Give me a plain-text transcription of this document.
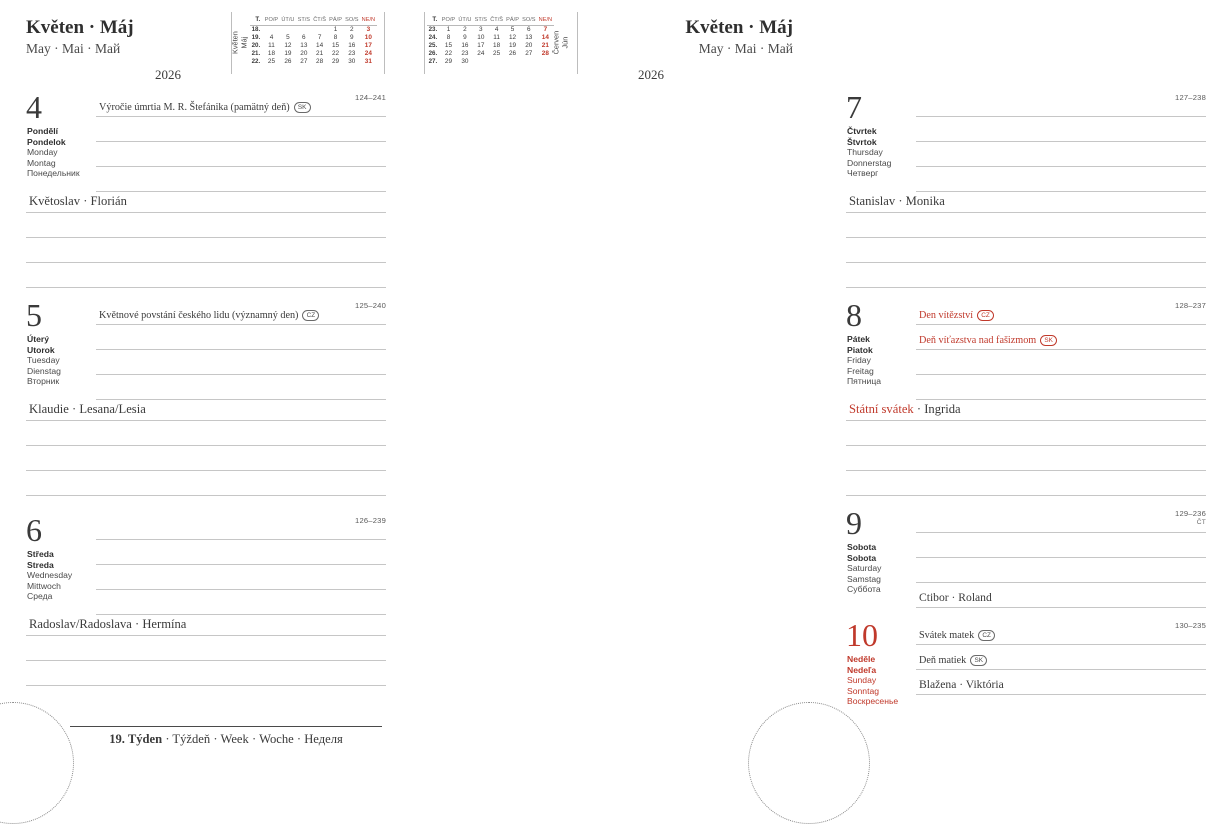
Květen · Máj
May · Mai · Май
2026
Květen
Máj
T.	PO/P	ÚT/U	ST/S	ČT/Š	PÁ/P	SO/S	NE/N
18.					1	2	3
19.	4	5	6	7	8	9	10
20.	11	12	13	14	15	16	17
21.	18	19	20	21	22	23	24
22.	25	26	27	28	29	30	31
4
Pondělí
Pondelok
Monday
Montag
Понедельник
124–241
Výročie úmrtia M. R. Štefánika (pamätný deň) SK
Květoslav · Florián
5
Úterý
Utorok
Tuesday
Dienstag
Вторник
125–240
Květnové povstání českého lidu (významný den) CZ
Klaudie · Lesana/Lesia
6
Středa
Streda
Wednesday
Mittwoch
Среда
126–239
Radoslav/Radoslava · Hermína
19. Týden · Týždeň · Week · Woche · Неделя
Květen · Máj
May · Mai · Май
2026
T.	PO/P	ÚT/U	ST/S	ČT/Š	PÁ/P	SO/S	NE/N
23.	1	2	3	4	5	6	7
24.	8	9	10	11	12	13	14
25.	15	16	17	18	19	20	21
26.	22	23	24	25	26	27	28
27.	29	30					
Červen
Jún
7
Čtvrtek
Štvrtok
Thursday
Donnerstag
Четверг
127–238
Stanislav · Monika
8
Pátek
Piatok
Friday
Freitag
Пятница
128–237
Den vítězství CZ
Deň víťazstva nad fašizmom SK
Státní svátek · Ingrida
9
Sobota
Sobota
Saturday
Samstag
Суббота
129–236
ČT
Ctibor · Roland
10
Neděle
Nedeľa
Sunday
Sonntag
Воскресенье
130–235
Svátek matek CZ
Deň matiek SK
Blažena · Viktória
